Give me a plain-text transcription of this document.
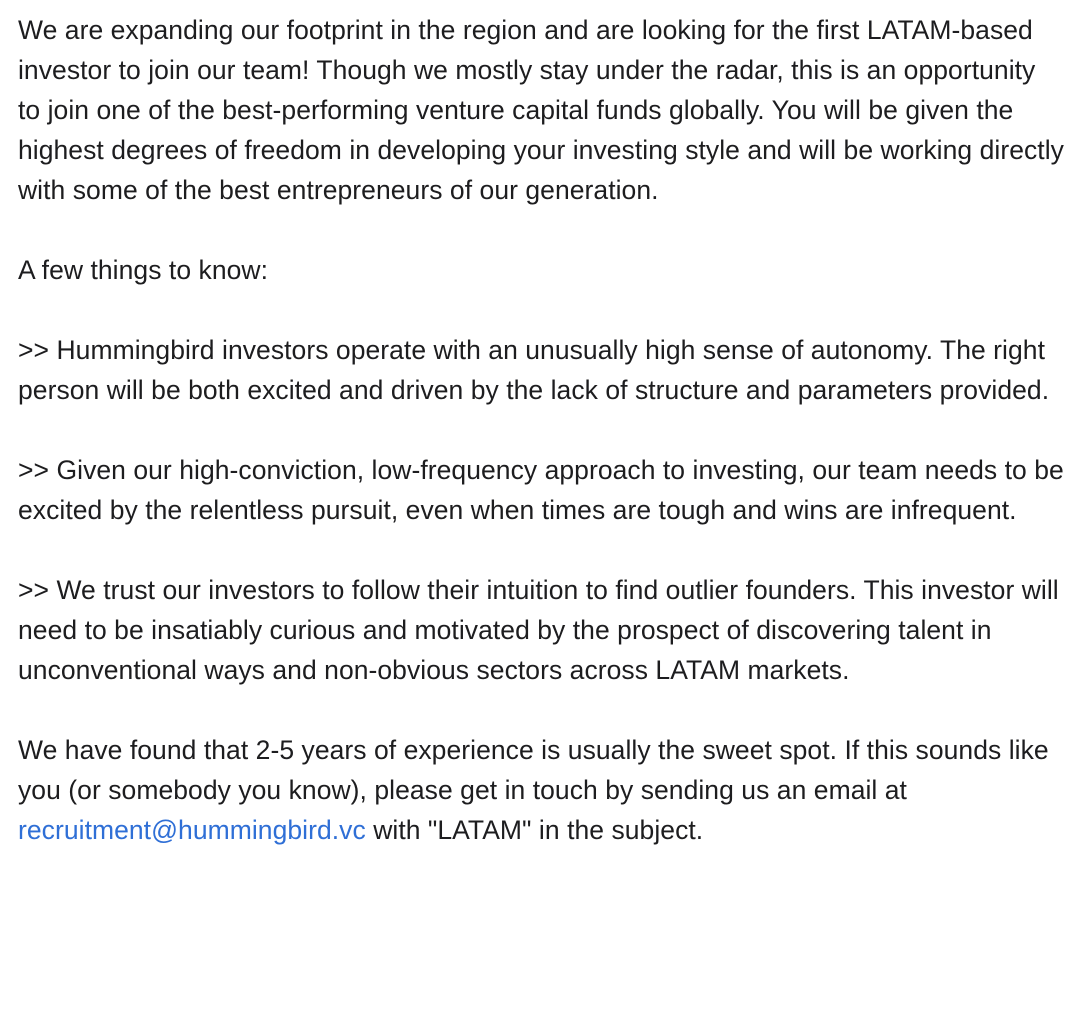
We are expanding our footprint in the region and are looking for the first LATAM-based investor to join our team! Though we mostly stay under the radar, this is an opportunity to join one of the best-performing venture capital funds globally. You will be given the highest degrees of freedom in developing your investing style and will be working directly with some of the best entrepreneurs of our generation.

A few things to know:

>> Hummingbird investors operate with an unusually high sense of autonomy. The right person will be both excited and driven by the lack of structure and parameters provided.

>> Given our high-conviction, low-frequency approach to investing, our team needs to be excited by the relentless pursuit, even when times are tough and wins are infrequent.

>> We trust our investors to follow their intuition to find outlier founders. This investor will need to be insatiably curious and motivated by the prospect of discovering talent in unconventional ways and non-obvious sectors across LATAM markets.

We have found that 2-5 years of experience is usually the sweet spot. If this sounds like you (or somebody you know), please get in touch by sending us an email at recruitment@hummingbird.vc with "LATAM" in the subject.
